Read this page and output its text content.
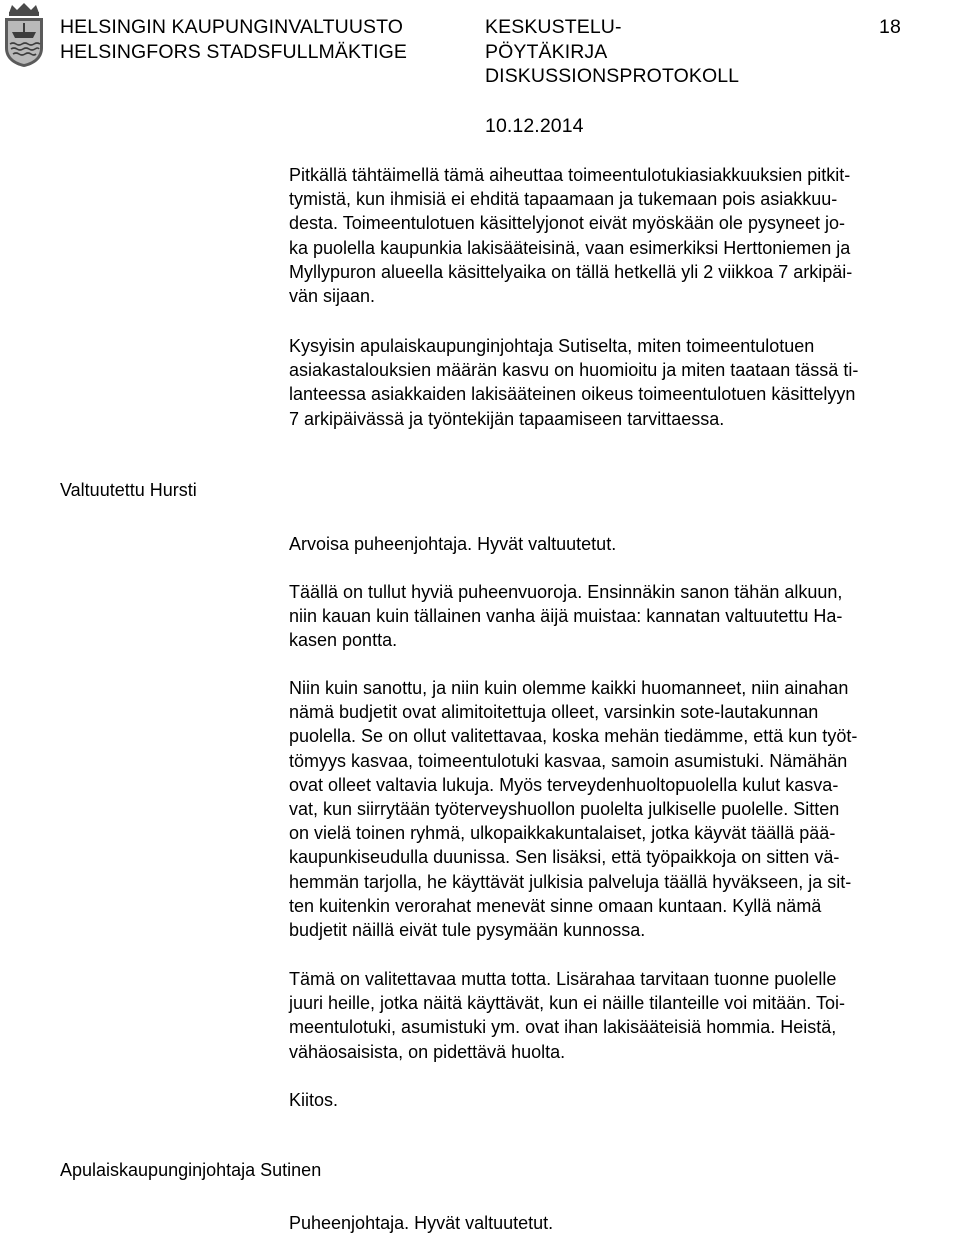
HELSINGIN KAUPUNGINVALTUUSTO
HELSINGFORS STADSFULLMÄKTIGE
KESKUSTELU-
PÖYTÄKIRJA
DISKUSSIONSPROTOKOLL
18
10.12.2014

Pitkällä tähtäimellä tämä aiheuttaa toimeentulotukiasiakkuuksien pitkit-
tymistä, kun ihmisiä ei ehditä tapaamaan ja tukemaan pois asiakkuu-
desta. Toimeentulotuen käsittelyjonot eivät myöskään ole pysyneet jo-
ka puolella kaupunkia lakisääteisinä, vaan esimerkiksi Herttoniemen ja
Myllypuron alueella käsittelyaika on tällä hetkellä yli 2 viikkoa 7 arkipäi-
vän sijaan.

Kysyisin apulaiskaupunginjohtaja Sutiselta, miten toimeentulotuen
asiakastalouksien määrän kasvu on huomioitu ja miten taataan tässä ti-
lanteessa asiakkaiden lakisääteinen oikeus toimeentulotuen käsittelyyn
7 arkipäivässä ja työntekijän tapaamiseen tarvittaessa.

Valtuutettu Hursti

Arvoisa puheenjohtaja. Hyvät valtuutetut.

Täällä on tullut hyviä puheenvuoroja. Ensinnäkin sanon tähän alkuun,
niin kauan kuin tällainen vanha äijä muistaa: kannatan valtuutettu Ha-
kasen pontta.

Niin kuin sanottu, ja niin kuin olemme kaikki huomanneet, niin ainahan
nämä budjetit ovat alimitoitettuja olleet, varsinkin sote-lautakunnan
puolella. Se on ollut valitettavaa, koska mehän tiedämme, että kun työt-
tömyys kasvaa, toimeentulotuki kasvaa, samoin asumistuki. Nämähän
ovat olleet valtavia lukuja. Myös terveydenhuoltopuolella kulut kasva-
vat, kun siirrytään työterveyshuollon puolelta julkiselle puolelle. Sitten
on vielä toinen ryhmä, ulkopaikkakuntalaiset, jotka käyvät täällä pää-
kaupunkiseudulla duunissa. Sen lisäksi, että työpaikkoja on sitten vä-
hemmän tarjolla, he käyttävät julkisia palveluja täällä hyväkseen, ja sit-
ten kuitenkin verorahat menevät sinne omaan kuntaan. Kyllä nämä
budjetit näillä eivät tule pysymään kunnossa.

Tämä on valitettavaa mutta totta. Lisärahaa tarvitaan tuonne puolelle
juuri heille, jotka näitä käyttävät, kun ei näille tilanteille voi mitään. Toi-
meentulotuki, asumistuki ym. ovat ihan lakisääteisiä hommia. Heistä,
vähäosaisista, on pidettävä huolta.

Kiitos.

Apulaiskaupunginjohtaja Sutinen

Puheenjohtaja. Hyvät valtuutetut.
